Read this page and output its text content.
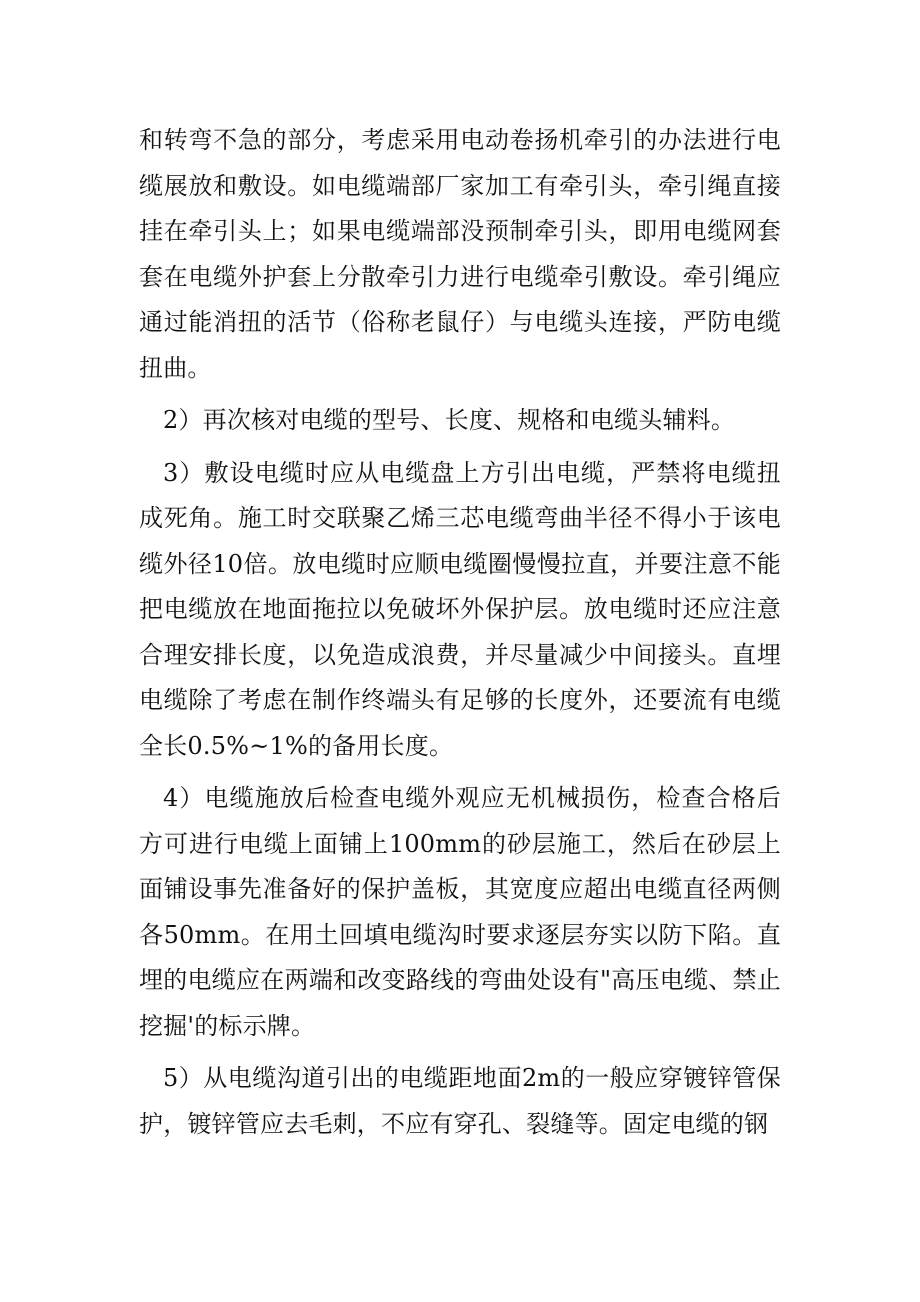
和转弯不急的部分，考虑采用电动卷扬机牵引的办法进行电缆展放和敷设。如电缆端部厂家加工有牵引头，牵引绳直接挂在牵引头上；如果电缆端部没预制牵引头，即用电缆网套套在电缆外护套上分散牵引力进行电缆牵引敷设。牵引绳应通过能消扭的活节（俗称老鼠仔）与电缆头连接，严防电缆扭曲。

2）再次核对电缆的型号、长度、规格和电缆头辅料。

3）敷设电缆时应从电缆盘上方引出电缆，严禁将电缆扭成死角。施工时交联聚乙烯三芯电缆弯曲半径不得小于该电缆外径10倍。放电缆时应顺电缆圈慢慢拉直，并要注意不能把电缆放在地面拖拉以免破坏外保护层。放电缆时还应注意合理安排长度，以免造成浪费，并尽量减少中间接头。直埋电缆除了考虑在制作终端头有足够的长度外，还要流有电缆全长0.5%~1%的备用长度。

4）电缆施放后检查电缆外观应无机械损伤，检查合格后方可进行电缆上面铺上100mm的砂层施工，然后在砂层上面铺设事先准备好的保护盖板，其宽度应超出电缆直径两侧各50mm。在用土回填电缆沟时要求逐层夯实以防下陷。直埋的电缆应在两端和改变路线的弯曲处设有"高压电缆、禁止挖掘'的标示牌。

5）从电缆沟道引出的电缆距地面2m的一般应穿镀锌管保护，镀锌管应去毛刺，不应有穿孔、裂缝等。固定电缆的钢
